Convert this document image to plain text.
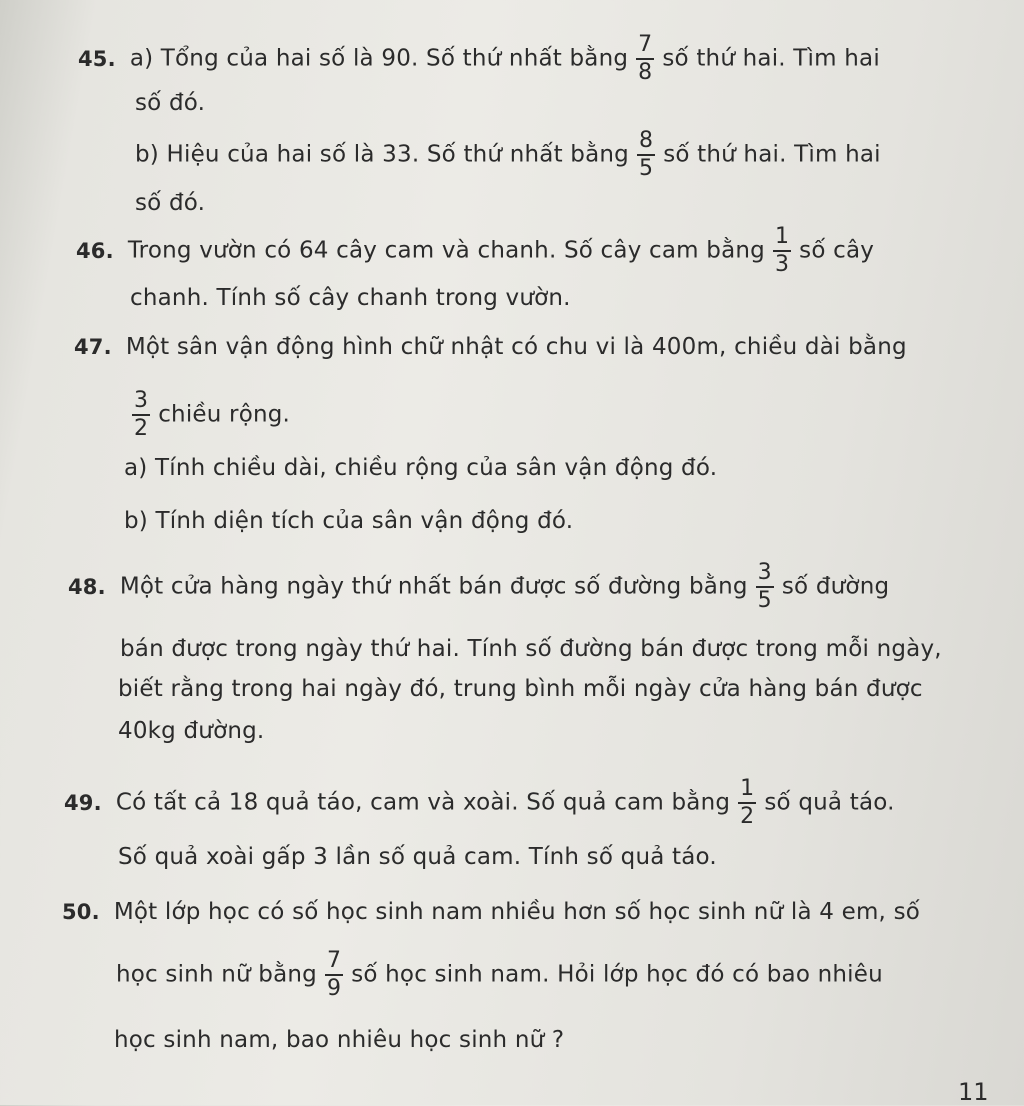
45. a) Tổng của hai số là 90. Số thứ nhất bằng $\frac{7}{8}$ số thứ hai. Tìm hai
số đó.
b) Hiệu của hai số là 33. Số thứ nhất bằng $\frac{8}{5}$ số thứ hai. Tìm hai
số đó.
46. Trong vườn có 64 cây cam và chanh. Số cây cam bằng $\frac{1}{3}$ số cây
chanh. Tính số cây chanh trong vườn.
47. Một sân vận động hình chữ nhật có chu vi là 400m, chiều dài bằng
$\frac{3}{2}$ chiều rộng.
a) Tính chiều dài, chiều rộng của sân vận động đó.
b) Tính diện tích của sân vận động đó.
48. Một cửa hàng ngày thứ nhất bán được số đường bằng $\frac{3}{5}$ số đường
bán được trong ngày thứ hai. Tính số đường bán được trong mỗi ngày,
biết rằng trong hai ngày đó, trung bình mỗi ngày cửa hàng bán được
40kg đường.
49. Có tất cả 18 quả táo, cam và xoài. Số quả cam bằng $\frac{1}{2}$ số quả táo.
Số quả xoài gấp 3 lần số quả cam. Tính số quả táo.
50. Một lớp học có số học sinh nam nhiều hơn số học sinh nữ là 4 em, số
học sinh nữ bằng $\frac{7}{9}$ số học sinh nam. Hỏi lớp học đó có bao nhiêu
học sinh nam, bao nhiêu học sinh nữ ?
11
